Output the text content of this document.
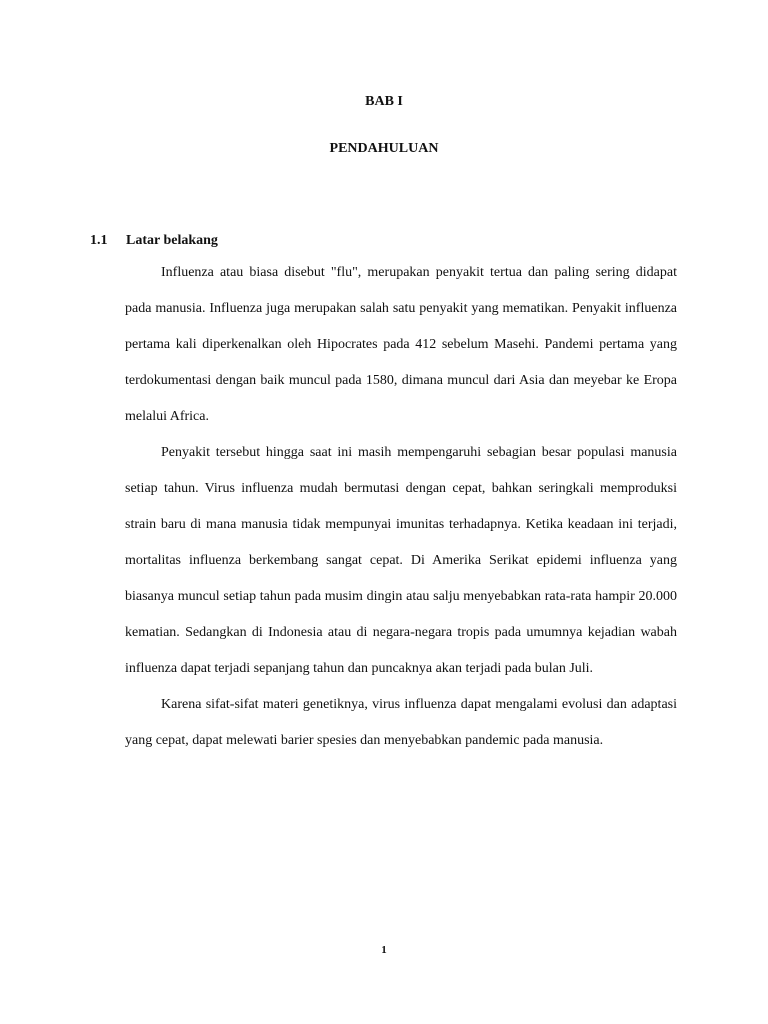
BAB I
PENDAHULUAN
1.1 Latar belakang

Influenza atau biasa disebut "flu", merupakan penyakit tertua dan paling sering didapat pada manusia. Influenza juga merupakan salah satu penyakit yang mematikan. Penyakit influenza pertama kali diperkenalkan oleh Hipocrates pada 412 sebelum Masehi. Pandemi pertama yang terdokumentasi dengan baik muncul pada 1580, dimana muncul dari Asia dan meyebar ke Eropa melalui Africa.

Penyakit tersebut hingga saat ini masih mempengaruhi sebagian besar populasi manusia setiap tahun. Virus influenza mudah bermutasi dengan cepat, bahkan seringkali memproduksi strain baru di mana manusia tidak mempunyai imunitas terhadapnya. Ketika keadaan ini terjadi, mortalitas influenza berkembang sangat cepat. Di Amerika Serikat epidemi influenza yang biasanya muncul setiap tahun pada musim dingin atau salju menyebabkan rata-rata hampir 20.000 kematian. Sedangkan di Indonesia atau di negara-negara tropis pada umumnya kejadian wabah influenza dapat terjadi sepanjang tahun dan puncaknya akan terjadi pada bulan Juli.

Karena sifat-sifat materi genetiknya, virus influenza dapat mengalami evolusi dan adaptasi yang cepat, dapat melewati barier spesies dan menyebabkan pandemic pada manusia.

1
